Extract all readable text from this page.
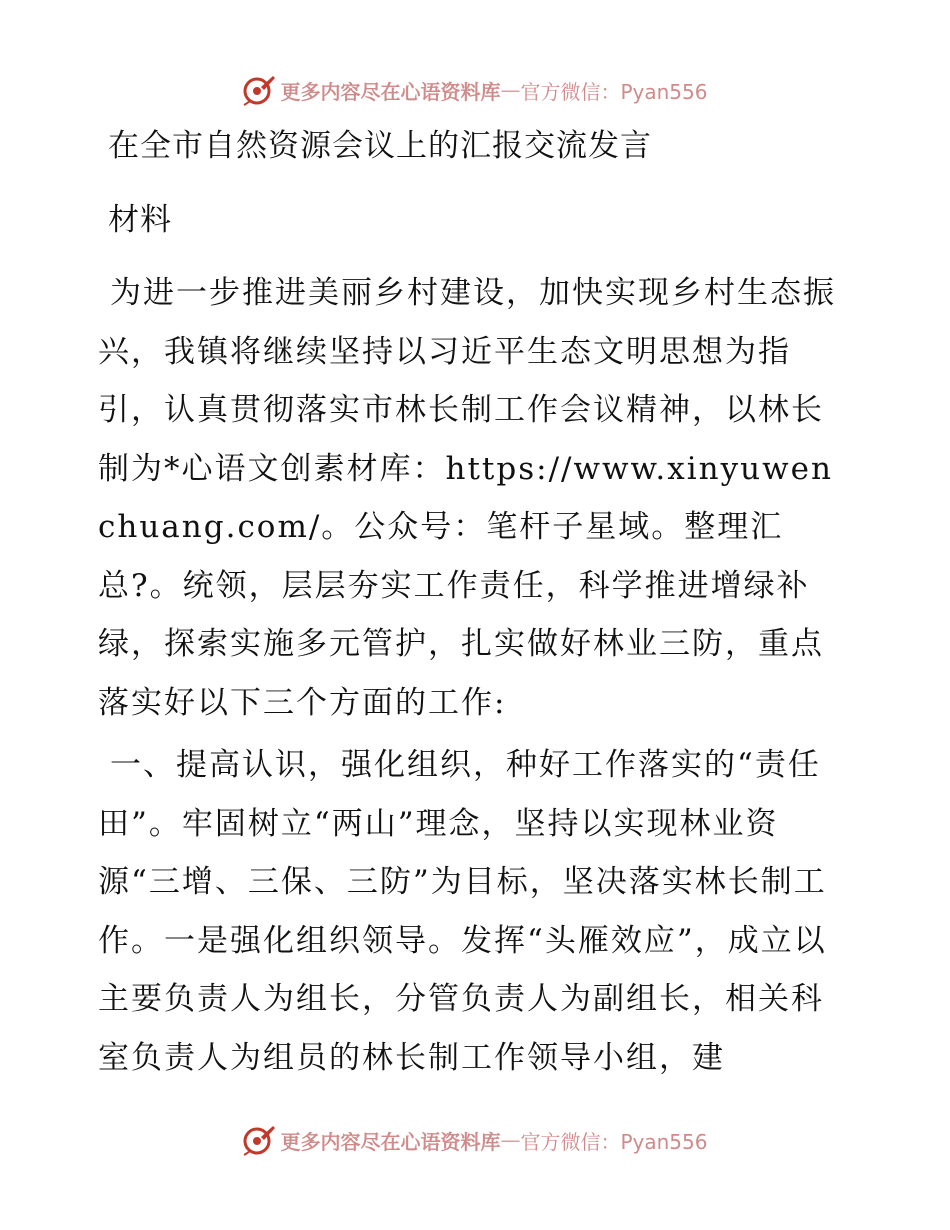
更多内容尽在心语资料库 — 官方微信：Pyan556
在全市自然资源会议上的汇报交流发言
材料

为进一步推进美丽乡村建设，加快实现乡村生态振兴，我镇将继续坚持以习近平生态文明思想为指引，认真贯彻落实市林长制工作会议精神，以林长制为*心语文创素材库：https://www.xinyuwenchuang.com/。公众号：笔杆子星域。整理汇总?。统领，层层夯实工作责任，科学推进增绿补绿，探索实施多元管护，扎实做好林业三防，重点落实好以下三个方面的工作:

一、提高认识，强化组织，种好工作落实的“责任田”。牢固树立“两山”理念，坚持以实现林业资源“三增、三保、三防”为目标，坚决落实林长制工作。一是强化组织领导。发挥“头雁效应”，成立以主要负责人为组长，分管负责人为副组长，相关科室负责人为组员的林长制工作领导小组，建

更多内容尽在心语资料库 — 官方微信：Pyan556
